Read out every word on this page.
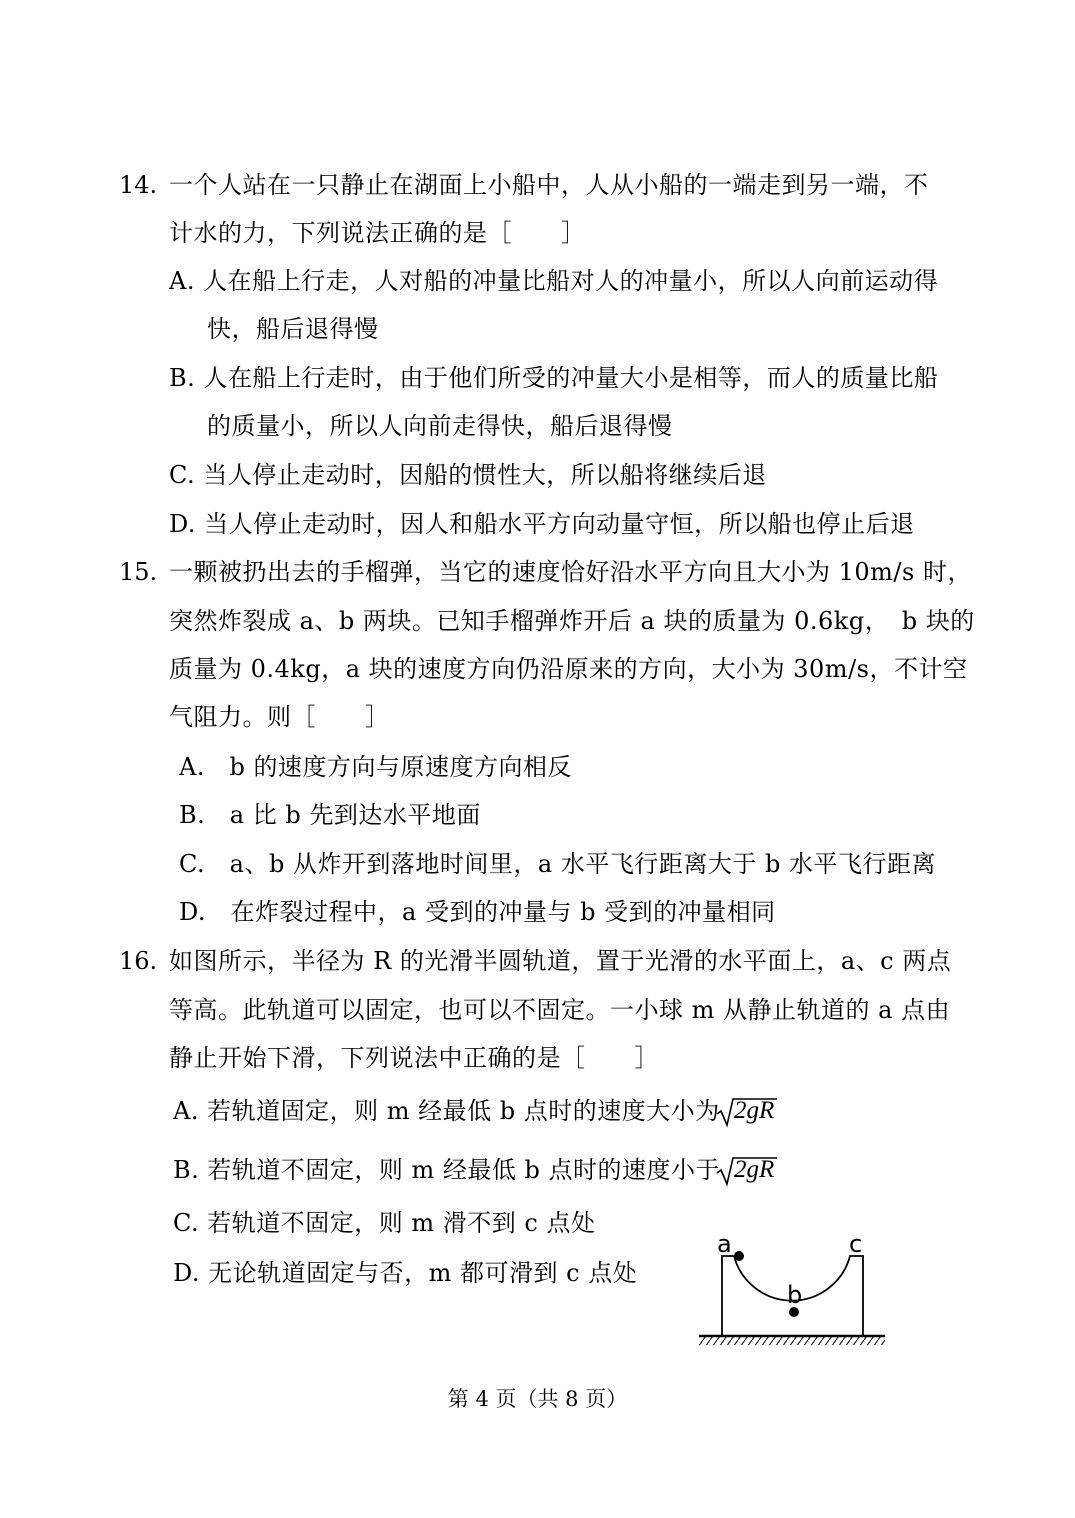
14. 一个人站在一只静止在湖面上小船中，人从小船的一端走到另一端，不
计水的力，下列说法正确的是［　　］
A. 人在船上行走，人对船的冲量比船对人的冲量小，所以人向前运动得
快，船后退得慢
B. 人在船上行走时，由于他们所受的冲量大小是相等，而人的质量比船
的质量小，所以人向前走得快，船后退得慢
C. 当人停止走动时，因船的惯性大，所以船将继续后退
D. 当人停止走动时，因人和船水平方向动量守恒，所以船也停止后退
15. 一颗被扔出去的手榴弹，当它的速度恰好沿水平方向且大小为 10m/s 时，
突然炸裂成 a、b 两块。已知手榴弹炸开后 a 块的质量为 0.6kg，　b 块的
质量为 0.4kg，a 块的速度方向仍沿原来的方向，大小为 30m/s，不计空
气阻力。则［　　］
A.　b 的速度方向与原速度方向相反
B.　a 比 b 先到达水平地面
C.　a、b 从炸开到落地时间里，a 水平飞行距离大于 b 水平飞行距离
D.　在炸裂过程中，a 受到的冲量与 b 受到的冲量相同
16. 如图所示，半径为 R 的光滑半圆轨道，置于光滑的水平面上，a、c 两点
等高。此轨道可以固定，也可以不固定。一小球 m 从静止轨道的 a 点由
静止开始下滑，下列说法中正确的是［　　］
A. 若轨道固定，则 m 经最低 b 点时的速度大小为 2gR
B. 若轨道不固定，则 m 经最低 b 点时的速度小于 2gR
C. 若轨道不固定，则 m 滑不到 c 点处
D. 无论轨道固定与否，m 都可滑到 c 点处
a
b
c
第 4 页（共 8 页）
